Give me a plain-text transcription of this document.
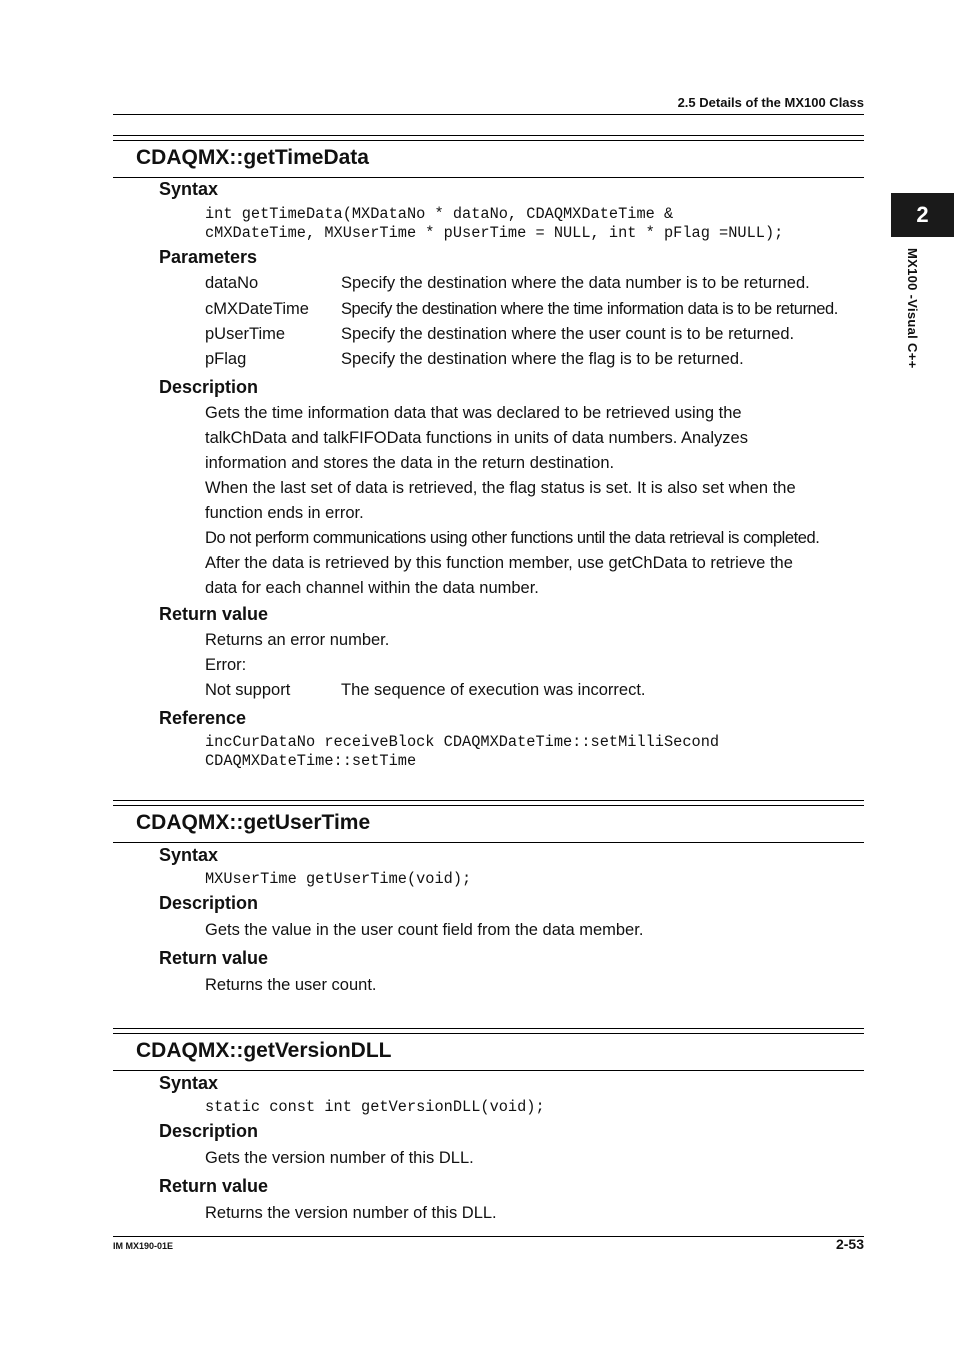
2.5 Details of the MX100 Class
2
MX100 -Visual C++
CDAQMX::getTimeData
Syntax
int getTimeData(MXDataNo * dataNo, CDAQMXDateTime &
cMXDateTime, MXUserTime * pUserTime = NULL, int * pFlag =NULL);
Parameters
dataNo	Specify the destination where the data number is to be returned.
cMXDateTime Specify the destination where the time information data is to be returned.
pUserTime	Specify the destination where the user count is to be returned.
pFlag	Specify the destination where the flag is to be returned.
Description
Gets the time information data that was declared to be retrieved using the
talkChData and talkFIFOData functions in units of data numbers. Analyzes
information and stores the data in the return destination.
When the last set of data is retrieved, the flag status is set. It is also set when the
function ends in error.
Do not perform communications using other functions until the data retrieval is completed.
After the data is retrieved by this function member, use getChData to retrieve the
data for each channel within the data number.
Return value
Returns an error number.
Error:
Not support	The sequence of execution was incorrect.
Reference
incCurDataNo receiveBlock CDAQMXDateTime::setMilliSecond
CDAQMXDateTime::setTime
CDAQMX::getUserTime
Syntax
MXUserTime getUserTime(void);
Description
Gets the value in the user count field from the data member.
Return value
Returns the user count.
CDAQMX::getVersionDLL
Syntax
static const int getVersionDLL(void);
Description
Gets the version number of this DLL.
Return value
Returns the version number of this DLL.
IM MX190-01E	2-53
